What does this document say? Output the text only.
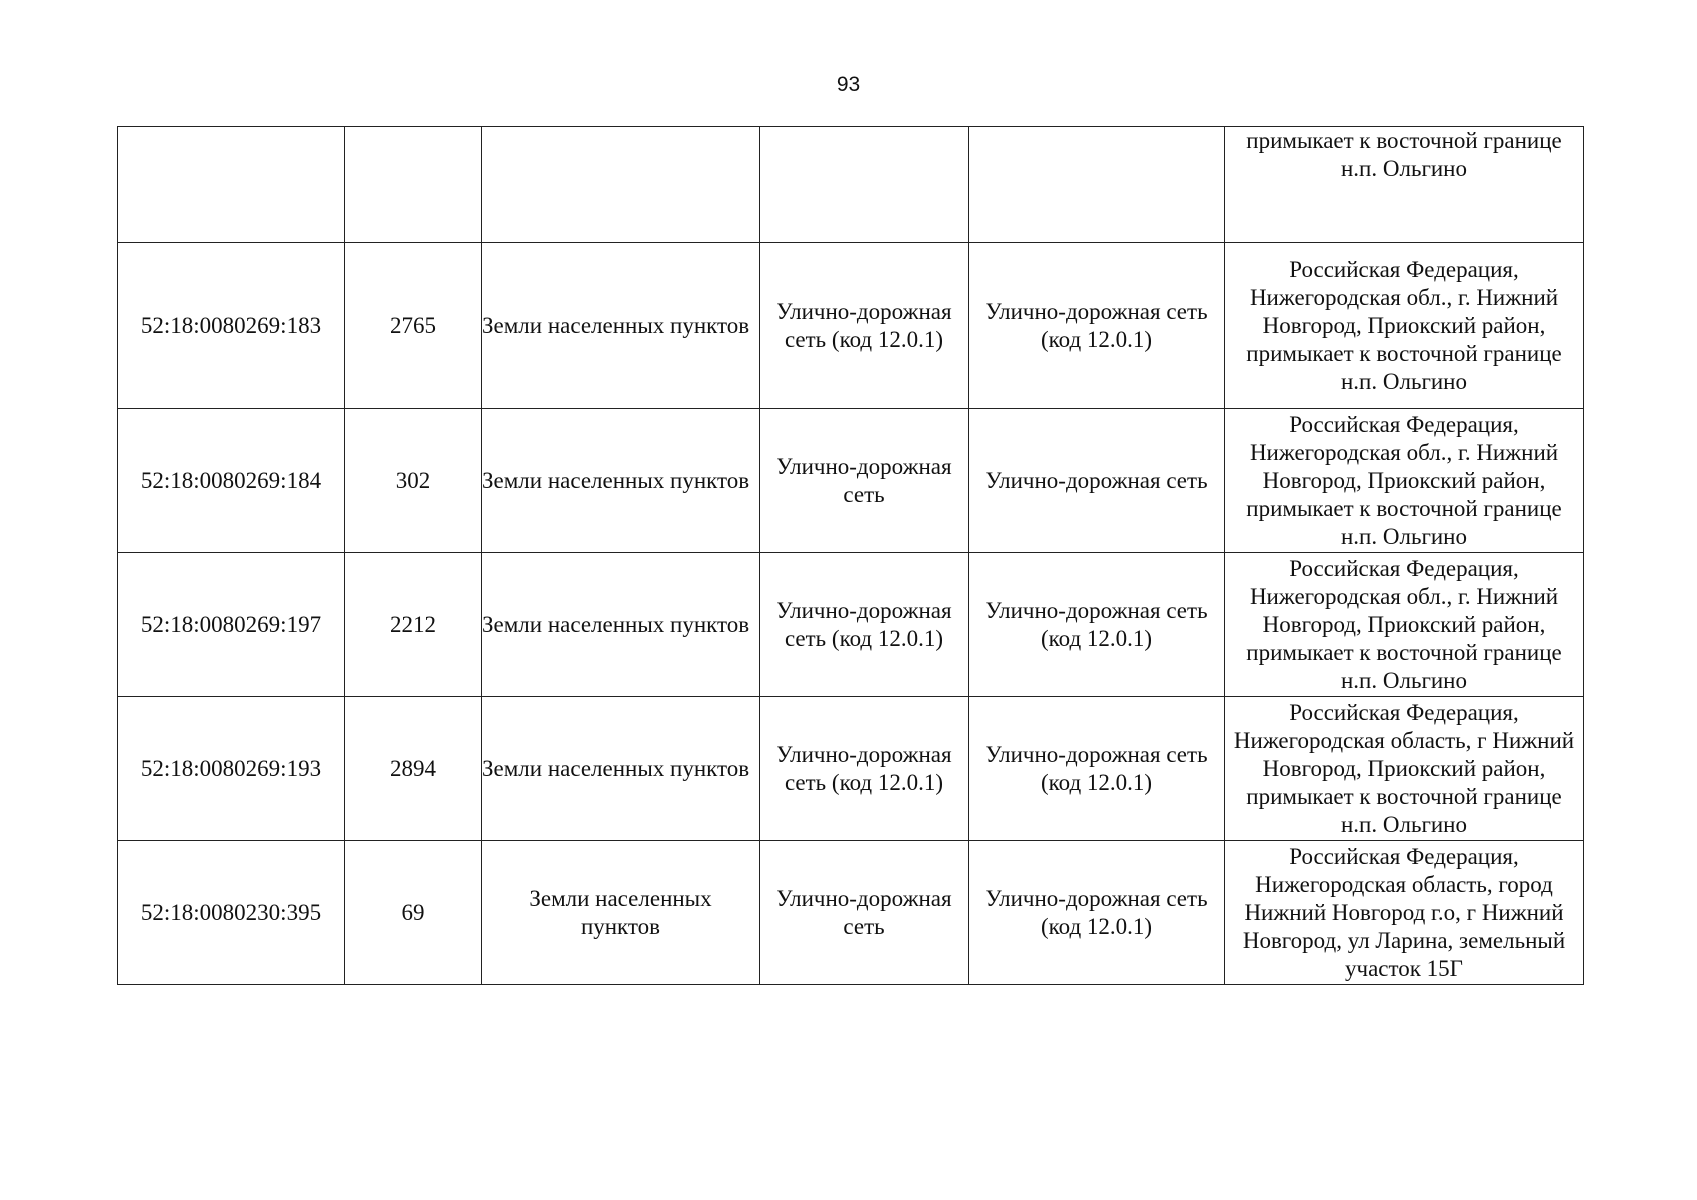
93
					примыкает к восточной границе н.п. Ольгино
52:18:0080269:183	2765	Земли населенных пунктов	Улично-дорожная сеть (код 12.0.1)	Улично-дорожная сеть (код 12.0.1)	Российская Федерация, Нижегородская обл., г. Нижний Новгород, Приокский район, примыкает к восточной границе н.п. Ольгино
52:18:0080269:184	302	Земли населенных пунктов	Улично-дорожная сеть	Улично-дорожная сеть	Российская Федерация, Нижегородская обл., г. Нижний Новгород, Приокский район, примыкает к восточной границе н.п. Ольгино
52:18:0080269:197	2212	Земли населенных пунктов	Улично-дорожная сеть (код 12.0.1)	Улично-дорожная сеть (код 12.0.1)	Российская Федерация, Нижегородская обл., г. Нижний Новгород, Приокский район, примыкает к восточной границе н.п. Ольгино
52:18:0080269:193	2894	Земли населенных пунктов	Улично-дорожная сеть (код 12.0.1)	Улично-дорожная сеть (код 12.0.1)	Российская Федерация, Нижегородская область, г Нижний Новгород, Приокский район, примыкает к восточной границе н.п. Ольгино
52:18:0080230:395	69	Земли населенных пунктов	Улично-дорожная сеть	Улично-дорожная сеть (код 12.0.1)	Российская Федерация, Нижегородская область, город Нижний Новгород г.о, г Нижний Новгород, ул Ларина, земельный участок 15Г
